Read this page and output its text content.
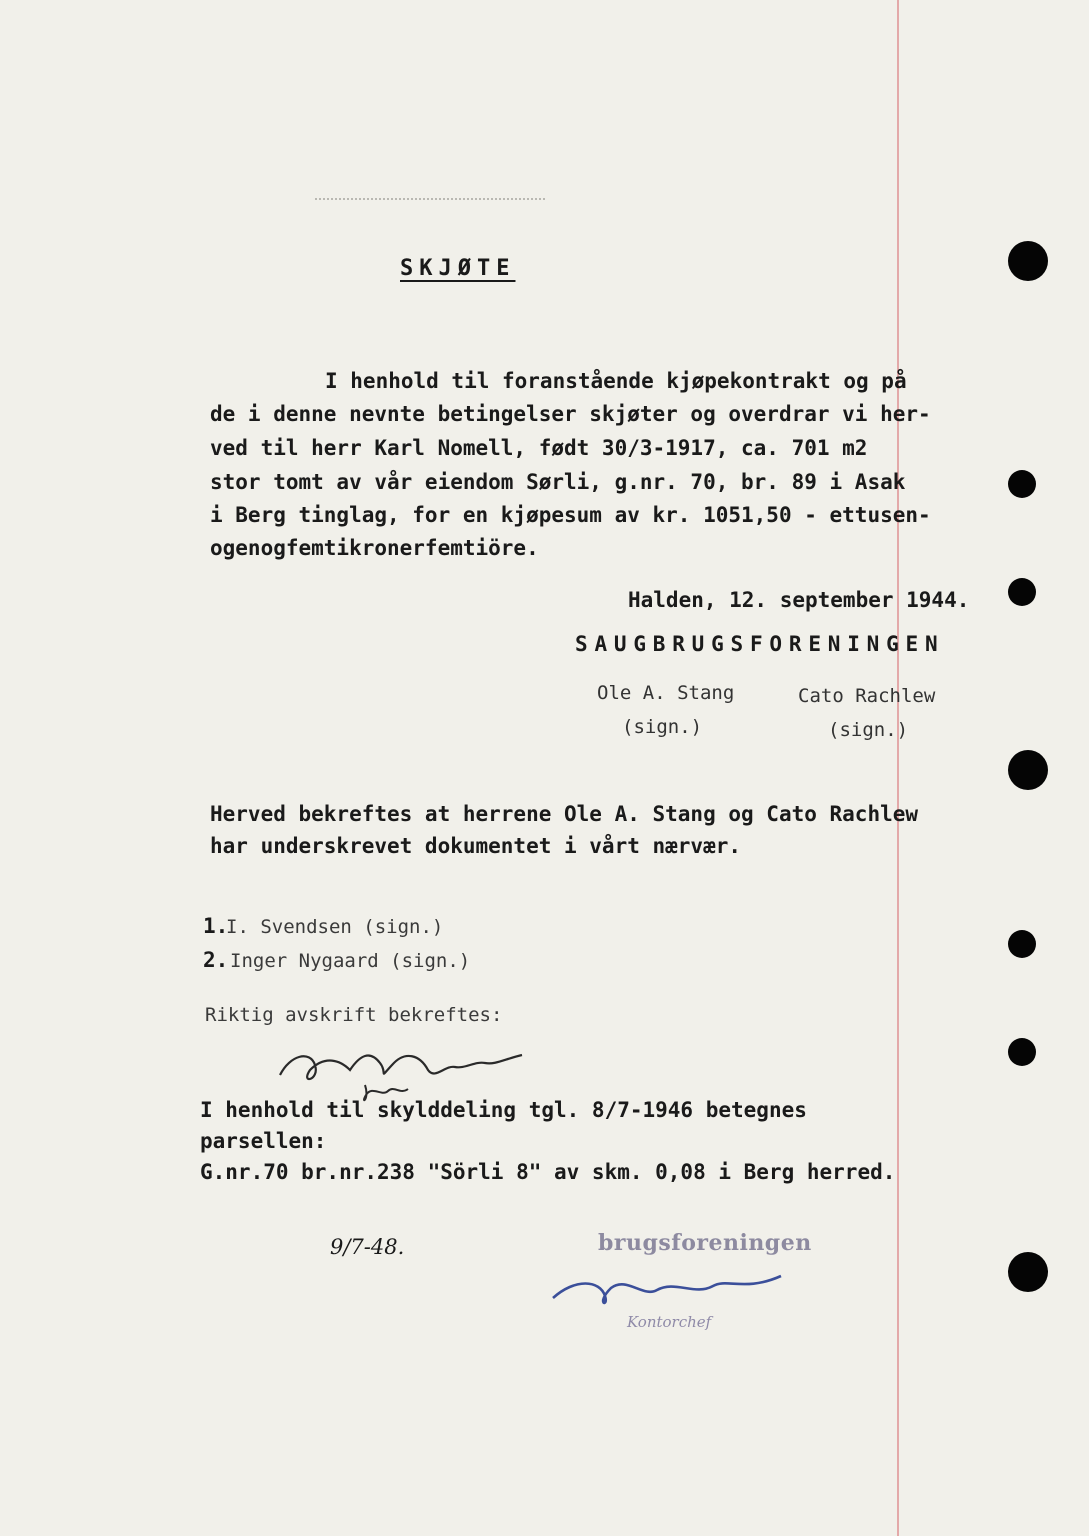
SKJØTE
I henhold til foranstående kjøpekontrakt og på
de i denne nevnte betingelser skjøter og overdrar vi her-
ved til herr Karl Nomell, født 30/3-1917, ca. 701 m2
stor tomt av vår eiendom Sørli, g.nr. 70, br. 89 i Asak
i Berg tinglag, for en kjøpesum av kr. 1051,50 - ettusen-
ogenogfemtikronerfemtiöre.
Halden, 12. september 1944.
SAUGBRUGSFORENINGEN
Ole A. Stang
(sign.)
Cato Rachlew
(sign.)
Herved bekreftes at herrene Ole A. Stang og Cato Rachlew
har underskrevet dokumentet i vårt nærvær.
1.
I. Svendsen (sign.)
2. Inger Nygaard (sign.)
Riktig avskrift bekreftes:
I henhold til skylddeling tgl. 8/7-1946 betegnes
parsellen:
G.nr.70 br.nr.238 "Sörli 8" av skm. 0,08 i Berg herred.
9/7-48.	brugsforeningen
Kontorchef
